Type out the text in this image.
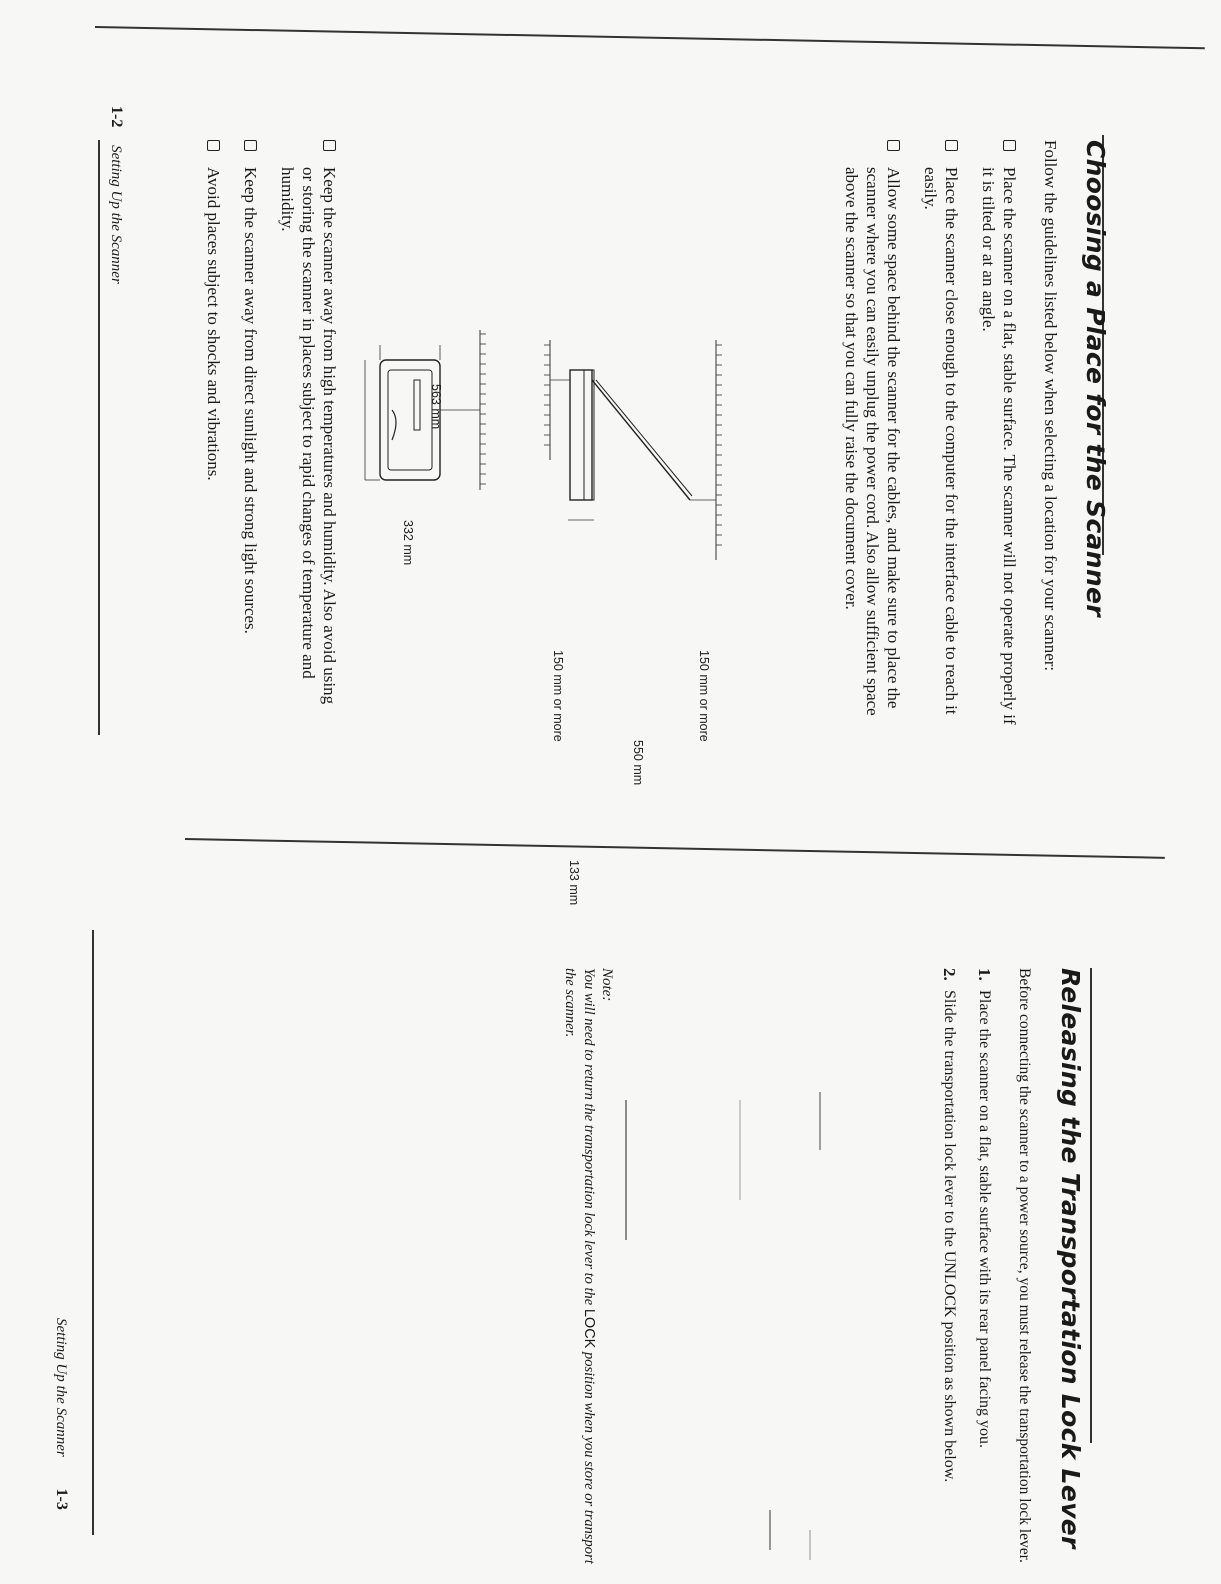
Choosing a Place for the Scanner
Follow the guidelines listed below when selecting a location for your scanner:
Place the scanner on a flat, stable surface. The scanner will not operate properly if it is tilted or at an angle.
Place the scanner close enough to the computer for the interface cable to reach it easily.
Allow some space behind the scanner for the cables, and make sure to place the scanner where you can easily unplug the power cord. Also allow sufficient space above the scanner so that you can fully raise the document cover.
150 mm or more
550 mm
150 mm or more
133 mm
563 mm
332 mm
Keep the scanner away from high temperatures and humidity. Also avoid using or storing the scanner in places subject to rapid changes of temperature and humidity.
Keep the scanner away from direct sunlight and strong light sources.
Avoid places subject to shocks and vibrations.
1-2 Setting Up the Scanner
Releasing the Transportation Lock Lever
Before connecting the scanner to a power source, you must release the transportation lock lever.
1.
Place the scanner on a flat, stable surface with its rear panel facing you.
2.
Slide the transportation lock lever to the UNLOCK position as shown below.
Note:
You will need to return the transportation lock lever to the LOCK position when you store or transport the scanner.
Setting Up the Scanner 1-3
